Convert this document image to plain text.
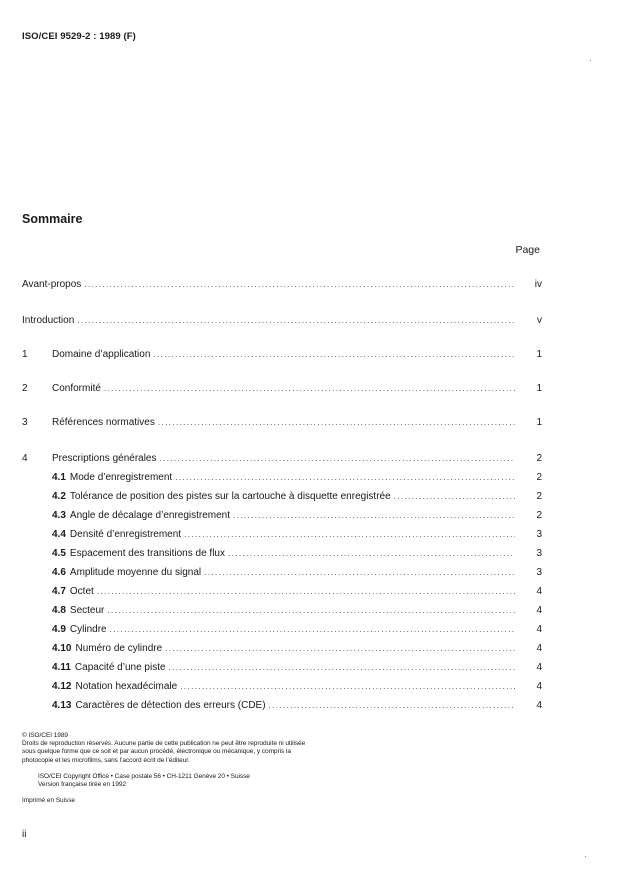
ISO/CEI 9529-2 : 1989 (F)
Sommaire
Page
Avant-propos .....	iv
Introduction .....	v
1	Domaine d’application .....	1
2	Conformité .....	1
3	Références normatives .....	1
4	Prescriptions générales .....	2
4.1 Mode d’enregistrement .....	2
4.2 Tolérance de position des pistes sur la cartouche à disquette enregistrée .....	2
4.3 Angle de décalage d’enregistrement .....	2
4.4 Densité d’enregistrement .....	3
4.5 Espacement des transitions de flux .....	3
4.6 Amplitude moyenne du signal .....	3
4.7 Octet .....	4
4.8 Secteur .....	4
4.9 Cylindre .....	4
4.10 Numéro de cylindre .....	4
4.11 Capacité d’une piste .....	4
4.12 Notation hexadécimale .....	4
4.13 Caractères de détection des erreurs (CDE) .....	4

© ISO/CEI 1989

Droits de reproduction réservés. Aucune partie de cette publication ne peut être reproduite ni utilisée

sous quelque forme que ce soit et par aucun procédé, électronique ou mécanique, y compris la

photocopie et les microfilms, sans l’accord écrit de l’éditeur.

ISO/CEI Copyright Office • Case postale 56 • CH-1211 Genève 20 • Suisse

Version française tirée en 1992

Imprimé en Suisse

ii
